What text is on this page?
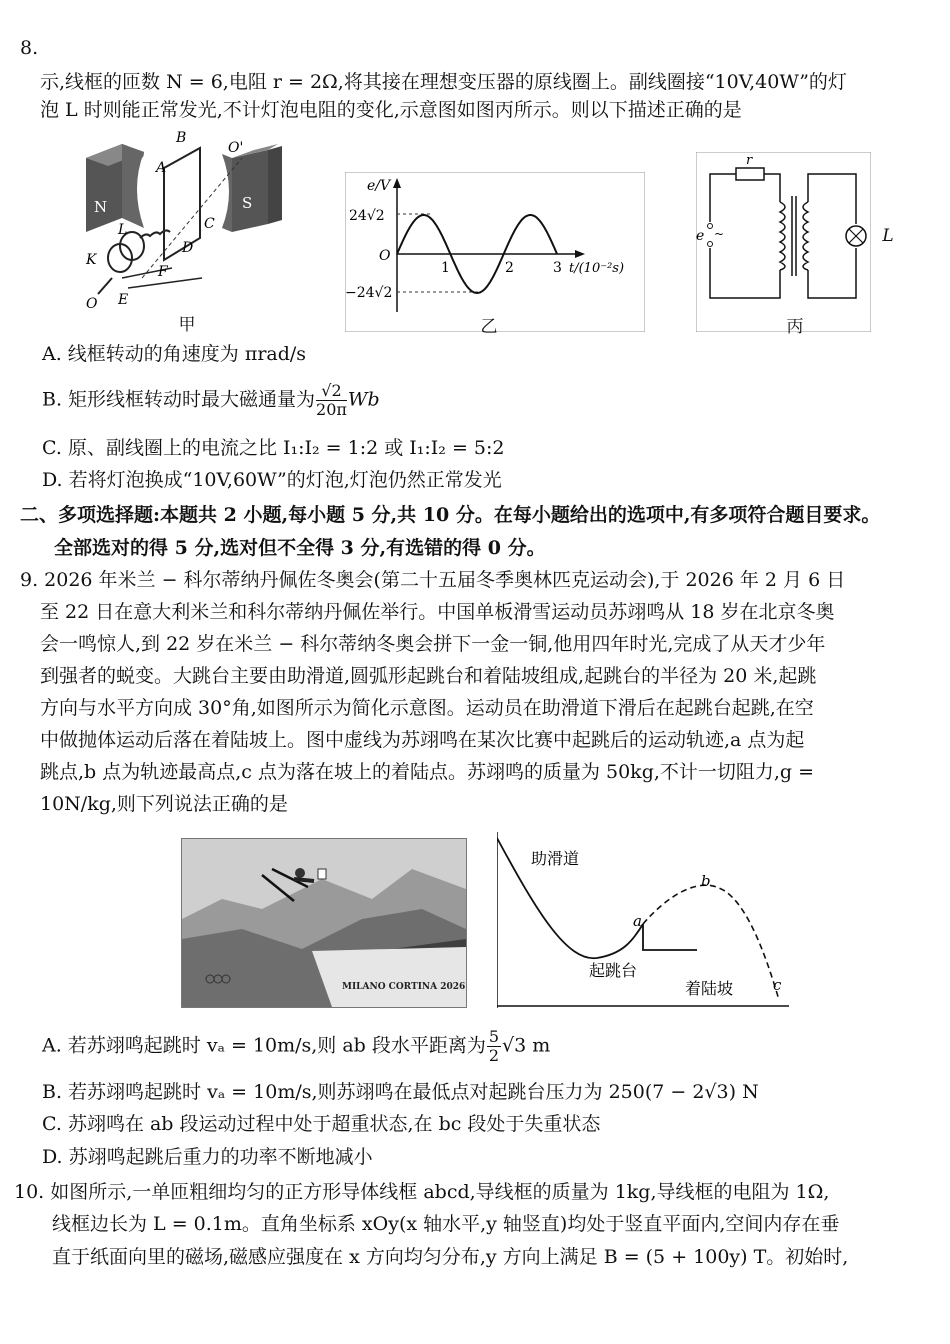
8.
示,线框的匝数 N = 6,电阻 r = 2Ω,将其接在理想变压器的原线圈上。副线圈接“10V,40W”的灯
泡 L 时则能正常发光,不计灯泡电阻的变化,示意图如图丙所示。则以下描述正确的是
B
O'
A
N	S
C
L
D
K
F
O E
甲
e/V
24√2
O
1	2	3 t/(10⁻²s)
−24√2
乙
r
e ~	L
丙
A. 线框转动的角速度为 πrad/s
B. 矩形线框转动时最大磁通量为 $\frac{√2}{20\pi}$ Wb
C. 原、副线圈上的电流之比 I₁:I₂ = 1:2 或 I₁:I₂ = 5:2
D. 若将灯泡换成“10V,60W”的灯泡,灯泡仍然正常发光
二、多项选择题:本题共 2 小题,每小题 5 分,共 10 分。在每小题给出的选项中,有多项符合题目要求。
全部选对的得 5 分,选对但不全得 3 分,有选错的得 0 分。
9. 2026 年米兰 − 科尔蒂纳丹佩佐冬奥会(第二十五届冬季奥林匹克运动会),于 2026 年 2 月 6 日
至 22 日在意大利米兰和科尔蒂纳丹佩佐举行。中国单板滑雪运动员苏翊鸣从 18 岁在北京冬奥
会一鸣惊人,到 22 岁在米兰 − 科尔蒂纳冬奥会拼下一金一铜,他用四年时光,完成了从天才少年
到强者的蜕变。大跳台主要由助滑道,圆弧形起跳台和着陆坡组成,起跳台的半径为 20 米,起跳
方向与水平方向成 30°角,如图所示为简化示意图。运动员在助滑道下滑后在起跳台起跳,在空
中做抛体运动后落在着陆坡上。图中虚线为苏翊鸣在某次比赛中起跳后的运动轨迹,a 点为起
跳点,b 点为轨迹最高点,c 点为落在坡上的着陆点。苏翊鸣的质量为 50kg,不计一切阻力,g =
10N/kg,则下列说法正确的是
MILANO CORTINA 2026
助滑道
起跳台
着陆坡
a
b
c
A. 若苏翊鸣起跳时 vₐ = 10m/s,则 ab 段水平距离为 $\frac{5}{2} √3$ m
B. 若苏翊鸣起跳时 vₐ = 10m/s,则苏翊鸣在最低点对起跳台压力为 250(7 − 2√3) N
C. 苏翊鸣在 ab 段运动过程中处于超重状态,在 bc 段处于失重状态
D. 苏翊鸣起跳后重力的功率不断地减小
10. 如图所示,一单匝粗细均匀的正方形导体线框 abcd,导线框的质量为 1kg,导线框的电阻为 1Ω,
线框边长为 L = 0.1m。直角坐标系 xOy(x 轴水平,y 轴竖直)均处于竖直平面内,空间内存在垂
直于纸面向里的磁场,磁感应强度在 x 方向均匀分布,y 方向上满足 B = (5 + 100y) T。初始时,
